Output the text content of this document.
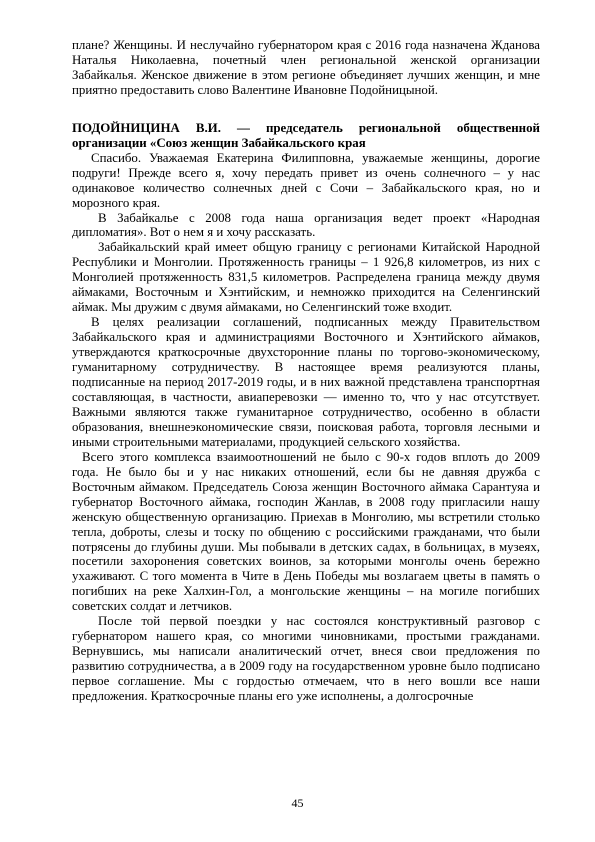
плане? Женщины. И неслучайно губернатором края с 2016 года назначена Жданова Наталья Николаевна, почетный член региональной женской организации Забайкалья. Женское движение в этом регионе объединяет лучших женщин, и мне приятно предоставить слово Валентине Ивановне Подойницыной.

ПОДОЙНИЦИНА В.И. — председатель региональной общественной организации «Союз женщин Забайкальского края

Спасибо. Уважаемая Екатерина Филипповна, уважаемые женщины, дорогие подруги! Прежде всего я, хочу передать привет из очень солнечного – у нас одинаковое количество солнечных дней с Сочи – Забайкальского края, но и морозного края.

В Забайкалье с 2008 года наша организация ведет проект «Народная дипломатия». Вот о нем я и хочу рассказать.

Забайкальский край имеет общую границу с регионами Китайской Народной Республики и Монголии. Протяженность границы – 1 926,8 километров, из них с Монголией протяженность 831,5 километров. Распределена граница между двумя аймаками, Восточным и Хэнтийским, и немножко приходится на Селенгинский аймак. Мы дружим с двумя аймаками, но Селенгинский тоже входит.

В целях реализации соглашений, подписанных между Правительством Забайкальского края и администрациями Восточного и Хэнтийского аймаков, утверждаются краткосрочные двухсторонние планы по торгово-экономическому, гуманитарному сотрудничеству. В настоящее время реализуются планы, подписанные на период 2017-2019 годы, и в них важной представлена транспортная составляющая, в частности, авиаперевозки — именно то, что у нас отсутствует. Важными являются также гуманитарное сотрудничество, особенно в области образования, внешнеэкономические связи, поисковая работа, торговля лесными и иными строительными материалами, продукцией сельского хозяйства.

Всего этого комплекса взаимоотношений не было с 90-х годов вплоть до 2009 года. Не было бы и у нас никаких отношений, если бы не давняя дружба с Восточным аймаком. Председатель Союза женщин Восточного аймака Сарантуяа и губернатор Восточного аймака, господин Жанлав, в 2008 году пригласили нашу женскую общественную организацию. Приехав в Монголию, мы встретили столько тепла, доброты, слезы и тоску по общению с российскими гражданами, что были потрясены до глубины души. Мы побывали в детских садах, в больницах, в музеях, посетили захоронения советских воинов, за которыми монголы очень бережно ухаживают. С того момента в Чите в День Победы мы возлагаем цветы в память о погибших на реке Халхин-Гол, а монгольские женщины – на могиле погибших советских солдат и летчиков.

После той первой поездки у нас состоялся конструктивный разговор с губернатором нашего края, со многими чиновниками, простыми гражданами. Вернувшись, мы написали аналитический отчет, внеся свои предложения по развитию сотрудничества, а в 2009 году на государственном уровне было подписано первое соглашение. Мы с гордостью отмечаем, что в него вошли все наши предложения. Краткосрочные планы его уже исполнены, а долгосрочные

45
